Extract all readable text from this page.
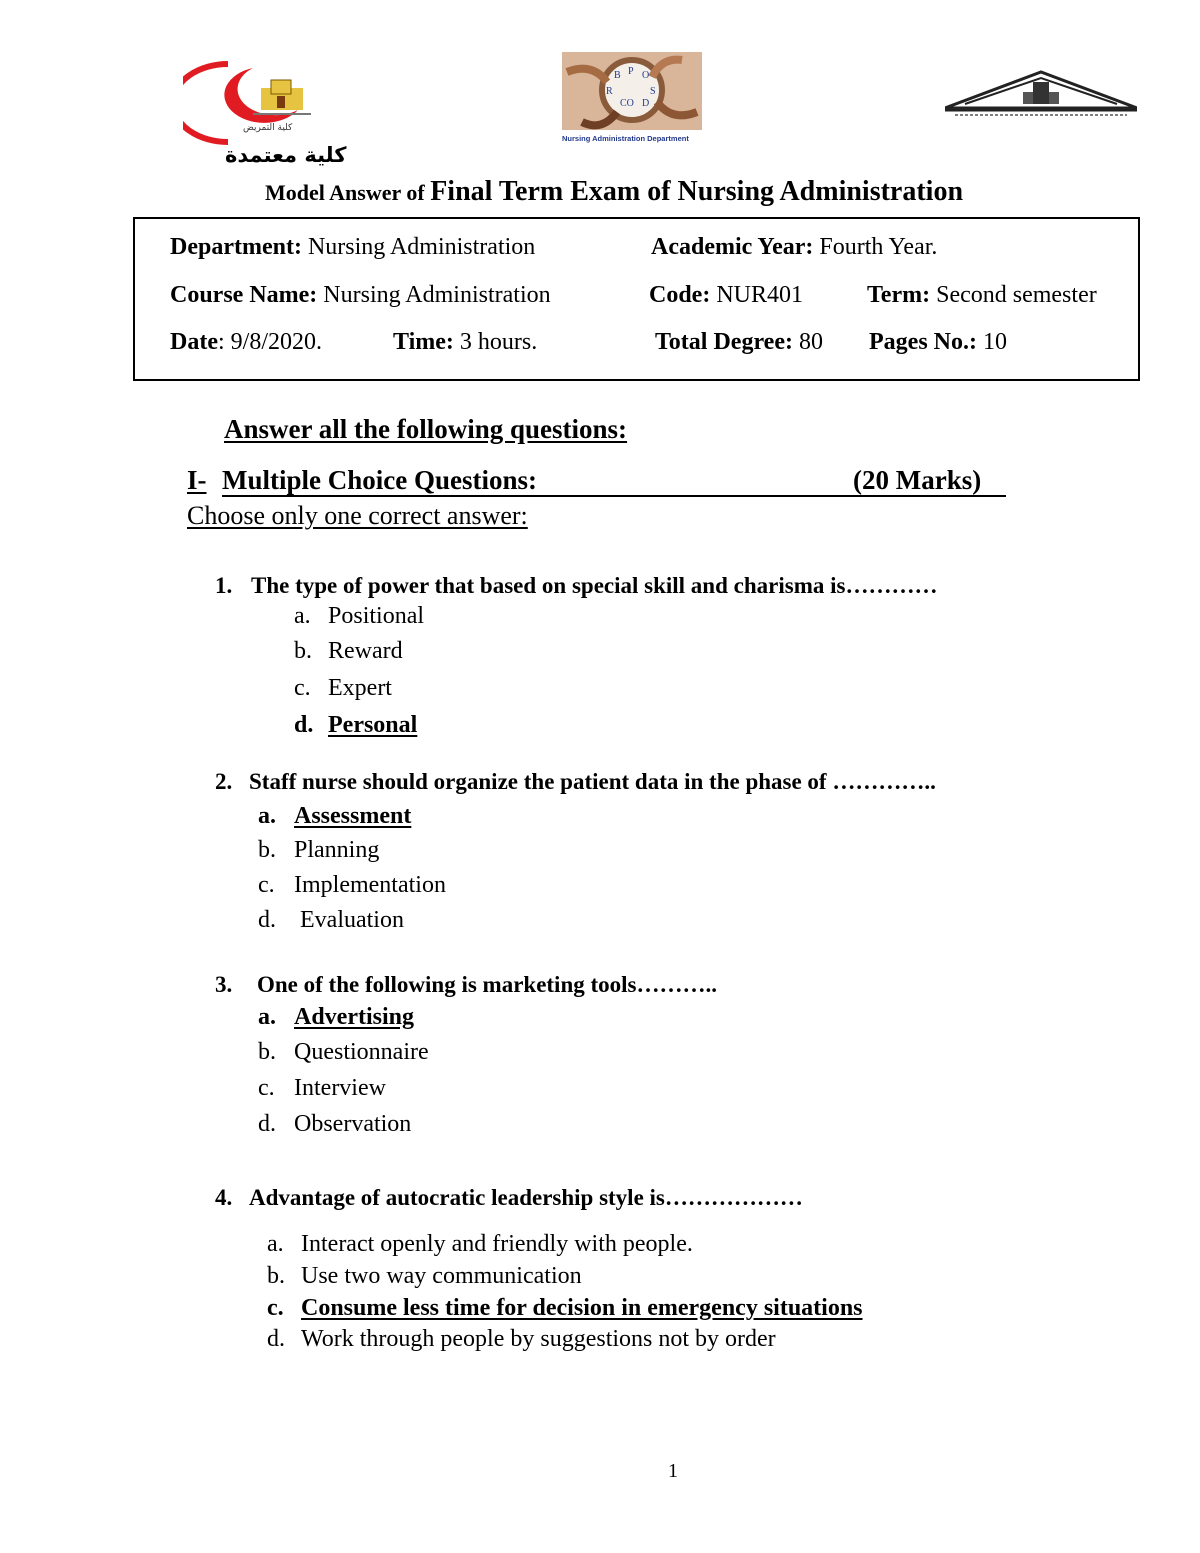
كلية التمريض
B P O
R	S
CO D
Nursing Administration Department
كلية معتمدة
Model Answer of Final Term Exam of Nursing Administration
Department: Nursing Administration	Academic Year: Fourth Year.
Course Name: Nursing Administration	Code: NUR401	Term: Second semester
Date: 9/8/2020.	Time: 3 hours.	Total Degree: 80 Pages No.: 10
Answer all the following questions:
I- Multiple Choice Questions:	(20 Marks)
Choose only one correct answer:
1. The type of power that based on special skill and charisma is…………
a. Positional
b. Reward
c. Expert
d. Personal
2. Staff nurse should organize the patient data in the phase of …………..
a. Assessment
b. Planning
c. Implementation
d. Evaluation
3. One of the following is marketing tools………..
a. Advertising
b. Questionnaire
c. Interview
d. Observation
4. Advantage of autocratic leadership style is………………
a. Interact openly and friendly with people.
b. Use two way communication
c. Consume less time for decision in emergency situations
d. Work through people by suggestions not by order
1
